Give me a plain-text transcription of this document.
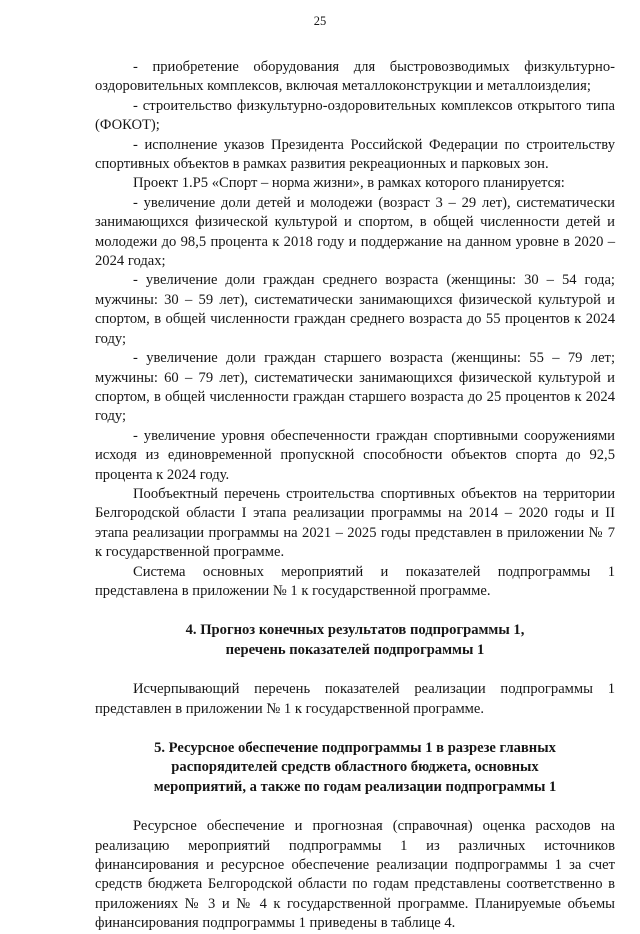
25

- приобретение оборудования для быстровозводимых физкультурно-оздоровительных комплексов, включая металлоконструкции и металлоизделия;

- строительство физкультурно-оздоровительных комплексов открытого типа (ФОКОТ);

- исполнение указов Президента Российской Федерации по строительству спортивных объектов в рамках развития рекреационных и парковых зон.

Проект 1.Р5 «Спорт – норма жизни», в рамках которого планируется:

- увеличение доли детей и молодежи (возраст 3 – 29 лет), систематически занимающихся физической культурой и спортом, в общей численности детей и молодежи до 98,5 процента к 2018 году и поддержание на данном уровне в 2020 – 2024 годах;

- увеличение доли граждан среднего возраста (женщины: 30 – 54 года; мужчины: 30 – 59 лет), систематически занимающихся физической культурой и спортом, в общей численности граждан среднего возраста до 55 процентов к 2024 году;

- увеличение доли граждан старшего возраста (женщины: 55 – 79 лет; мужчины: 60 – 79 лет), систематически занимающихся физической культурой и спортом, в общей численности граждан старшего возраста до 25 процентов к 2024 году;

- увеличение уровня обеспеченности граждан спортивными сооружениями исходя из единовременной пропускной способности объектов спорта до 92,5 процента к 2024 году.

Пообъектный перечень строительства спортивных объектов на территории Белгородской области I этапа реализации программы на 2014 – 2020 годы и II этапа реализации программы на 2021 – 2025 годы представлен в приложении № 7 к государственной программе.

Система основных мероприятий и показателей подпрограммы 1 представлена в приложении № 1 к государственной программе.

4. Прогноз конечных результатов подпрограммы 1,
перечень показателей подпрограммы 1

Исчерпывающий перечень показателей реализации подпрограммы 1 представлен в приложении № 1 к государственной программе.

5. Ресурсное обеспечение подпрограммы 1 в разрезе главных
распорядителей средств областного бюджета, основных
мероприятий, а также по годам реализации подпрограммы 1

Ресурсное обеспечение и прогнозная (справочная) оценка расходов на реализацию мероприятий подпрограммы 1 из различных источников финансирования и ресурсное обеспечение реализации подпрограммы 1 за счет средств бюджета Белгородской области по годам представлены соответственно в приложениях № 3 и № 4 к государственной программе. Планируемые объемы финансирования подпрограммы 1 приведены в таблице 4.
